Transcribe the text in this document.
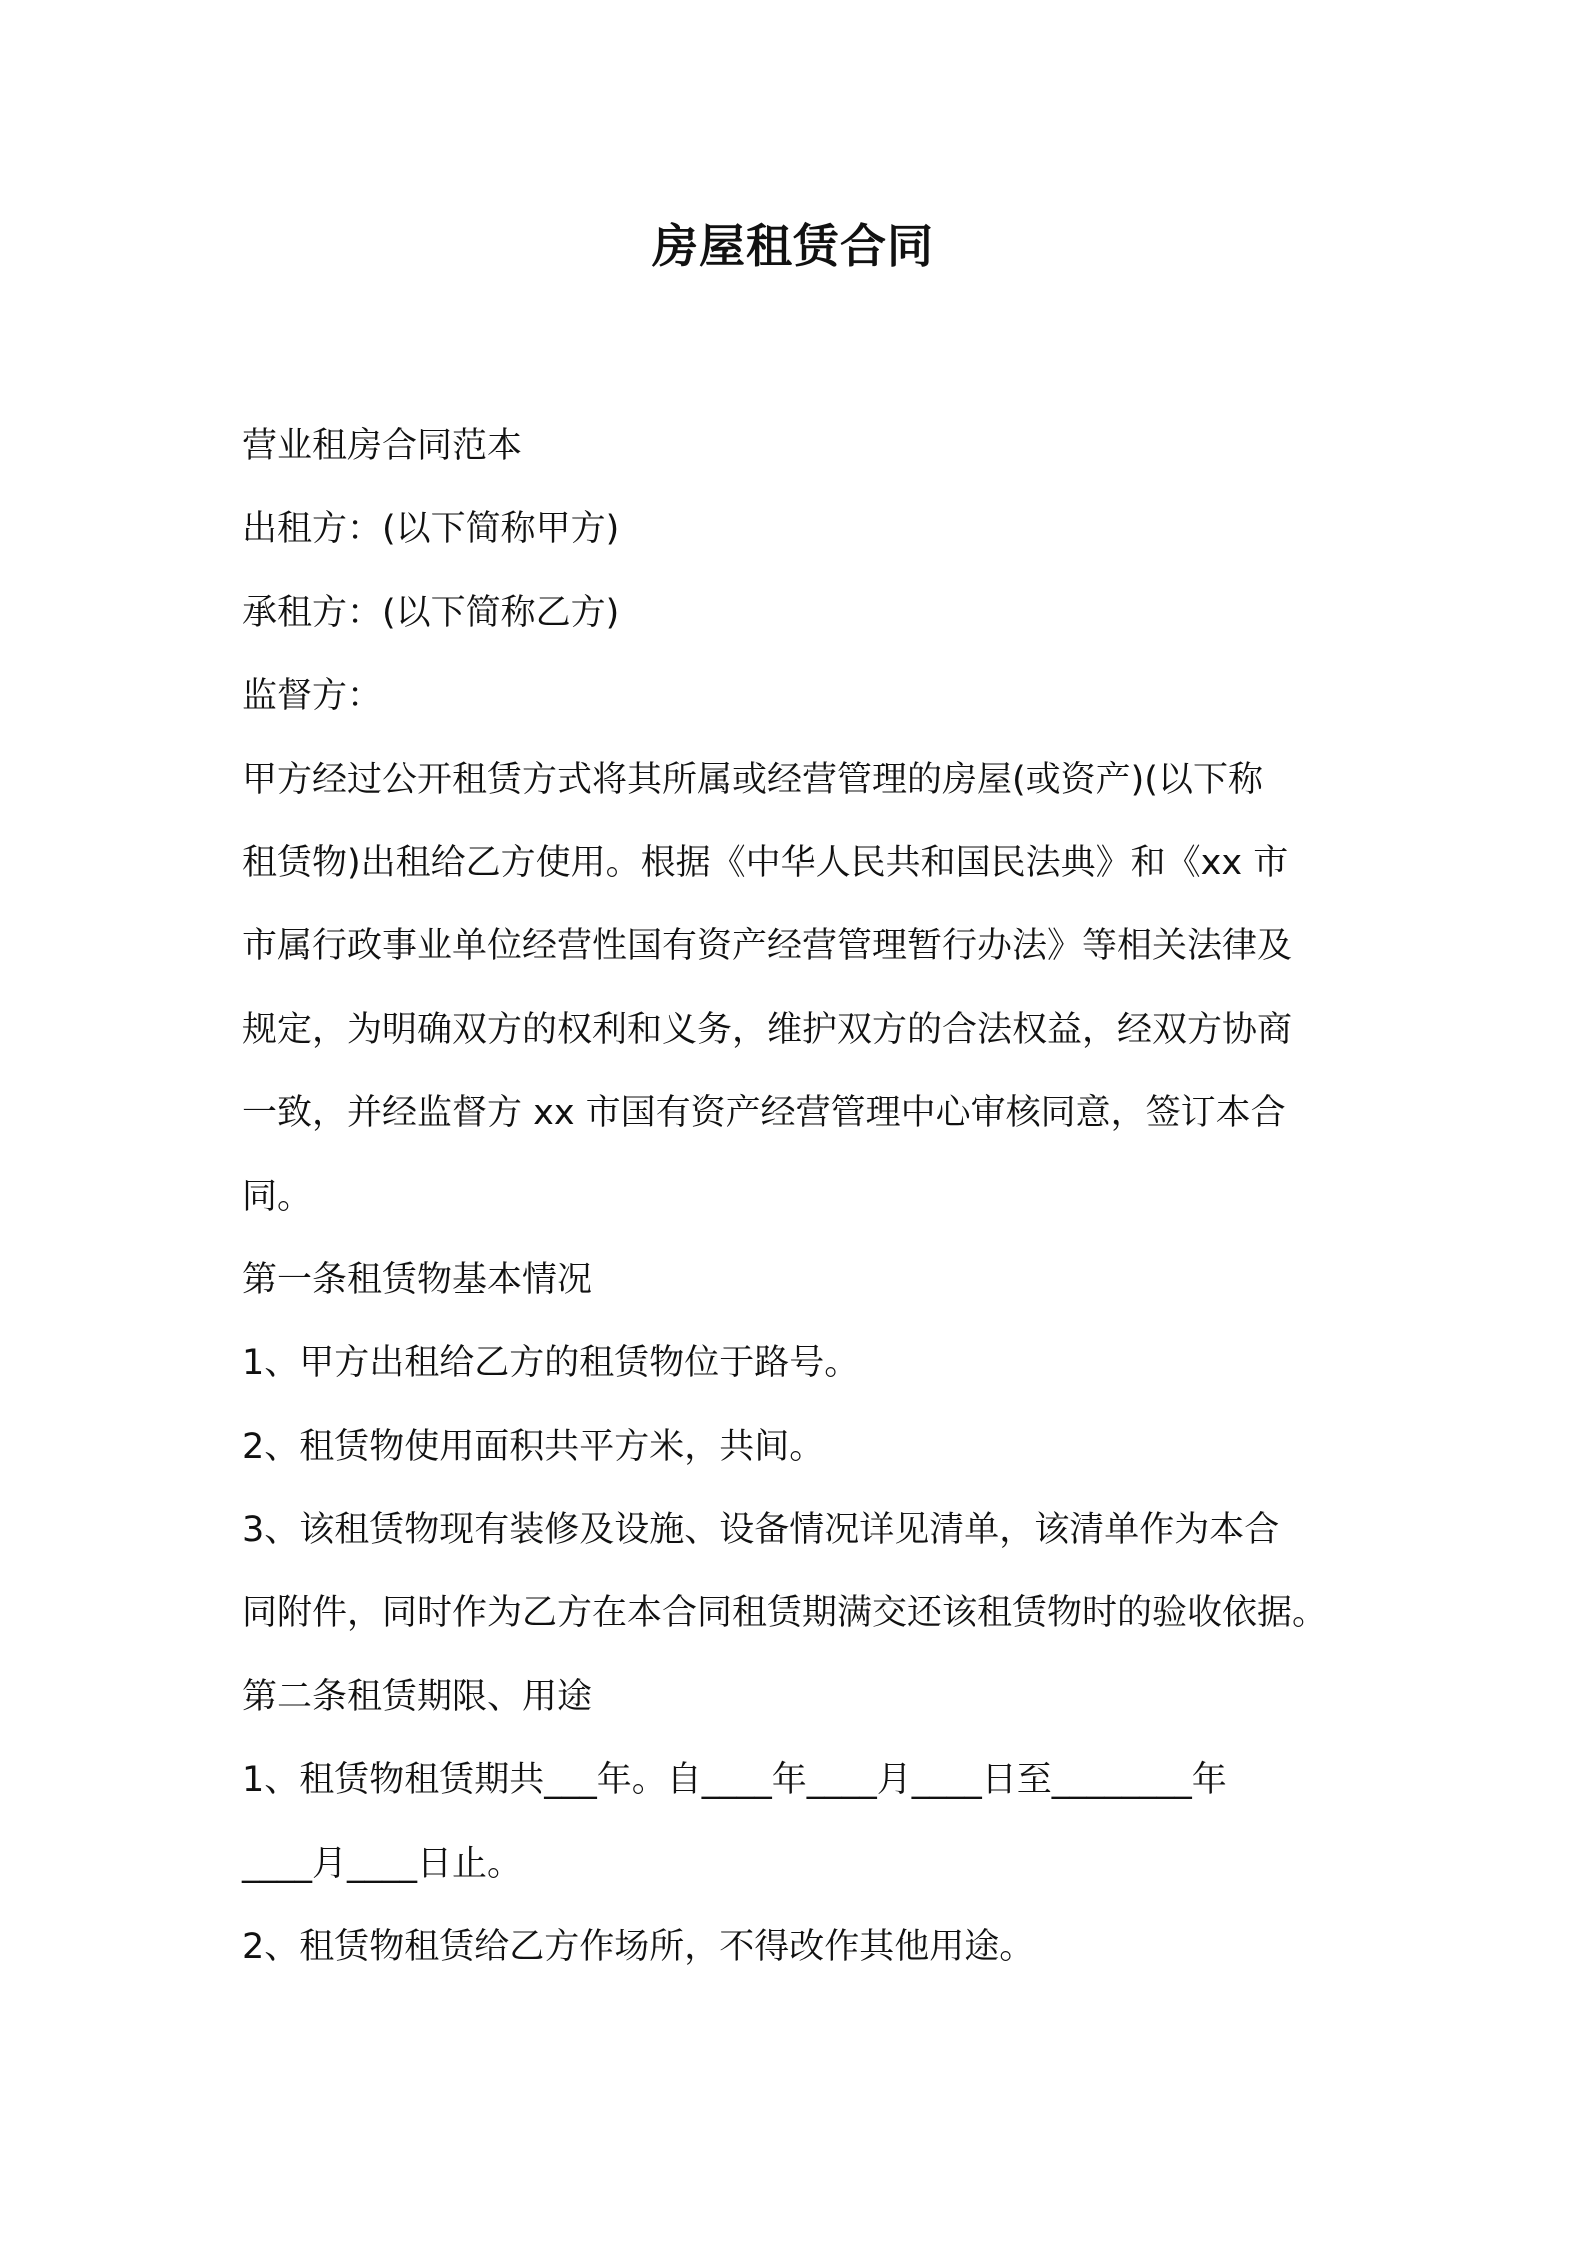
房屋租赁合同

营业租房合同范本

出租方：(以下简称甲方)

承租方：(以下简称乙方)

监督方：

甲方经过公开租赁方式将其所属或经营管理的房屋(或资产)(以下称

租赁物)出租给乙方使用。根据《中华人民共和国民法典》和《xx 市

市属行政事业单位经营性国有资产经营管理暂行办法》等相关法律及

规定，为明确双方的权利和义务，维护双方的合法权益，经双方协商

一致，并经监督方 xx 市国有资产经营管理中心审核同意，签订本合

同。

第一条租赁物基本情况

1、甲方出租给乙方的租赁物位于路号。

2、租赁物使用面积共平方米，共间。

3、该租赁物现有装修及设施、设备情况详见清单，该清单作为本合

同附件，同时作为乙方在本合同租赁期满交还该租赁物时的验收依据。

第二条租赁期限、用途

1、租赁物租赁期共___年。自____年____月____日至________年

____月____日止。

2、租赁物租赁给乙方作场所，不得改作其他用途。
